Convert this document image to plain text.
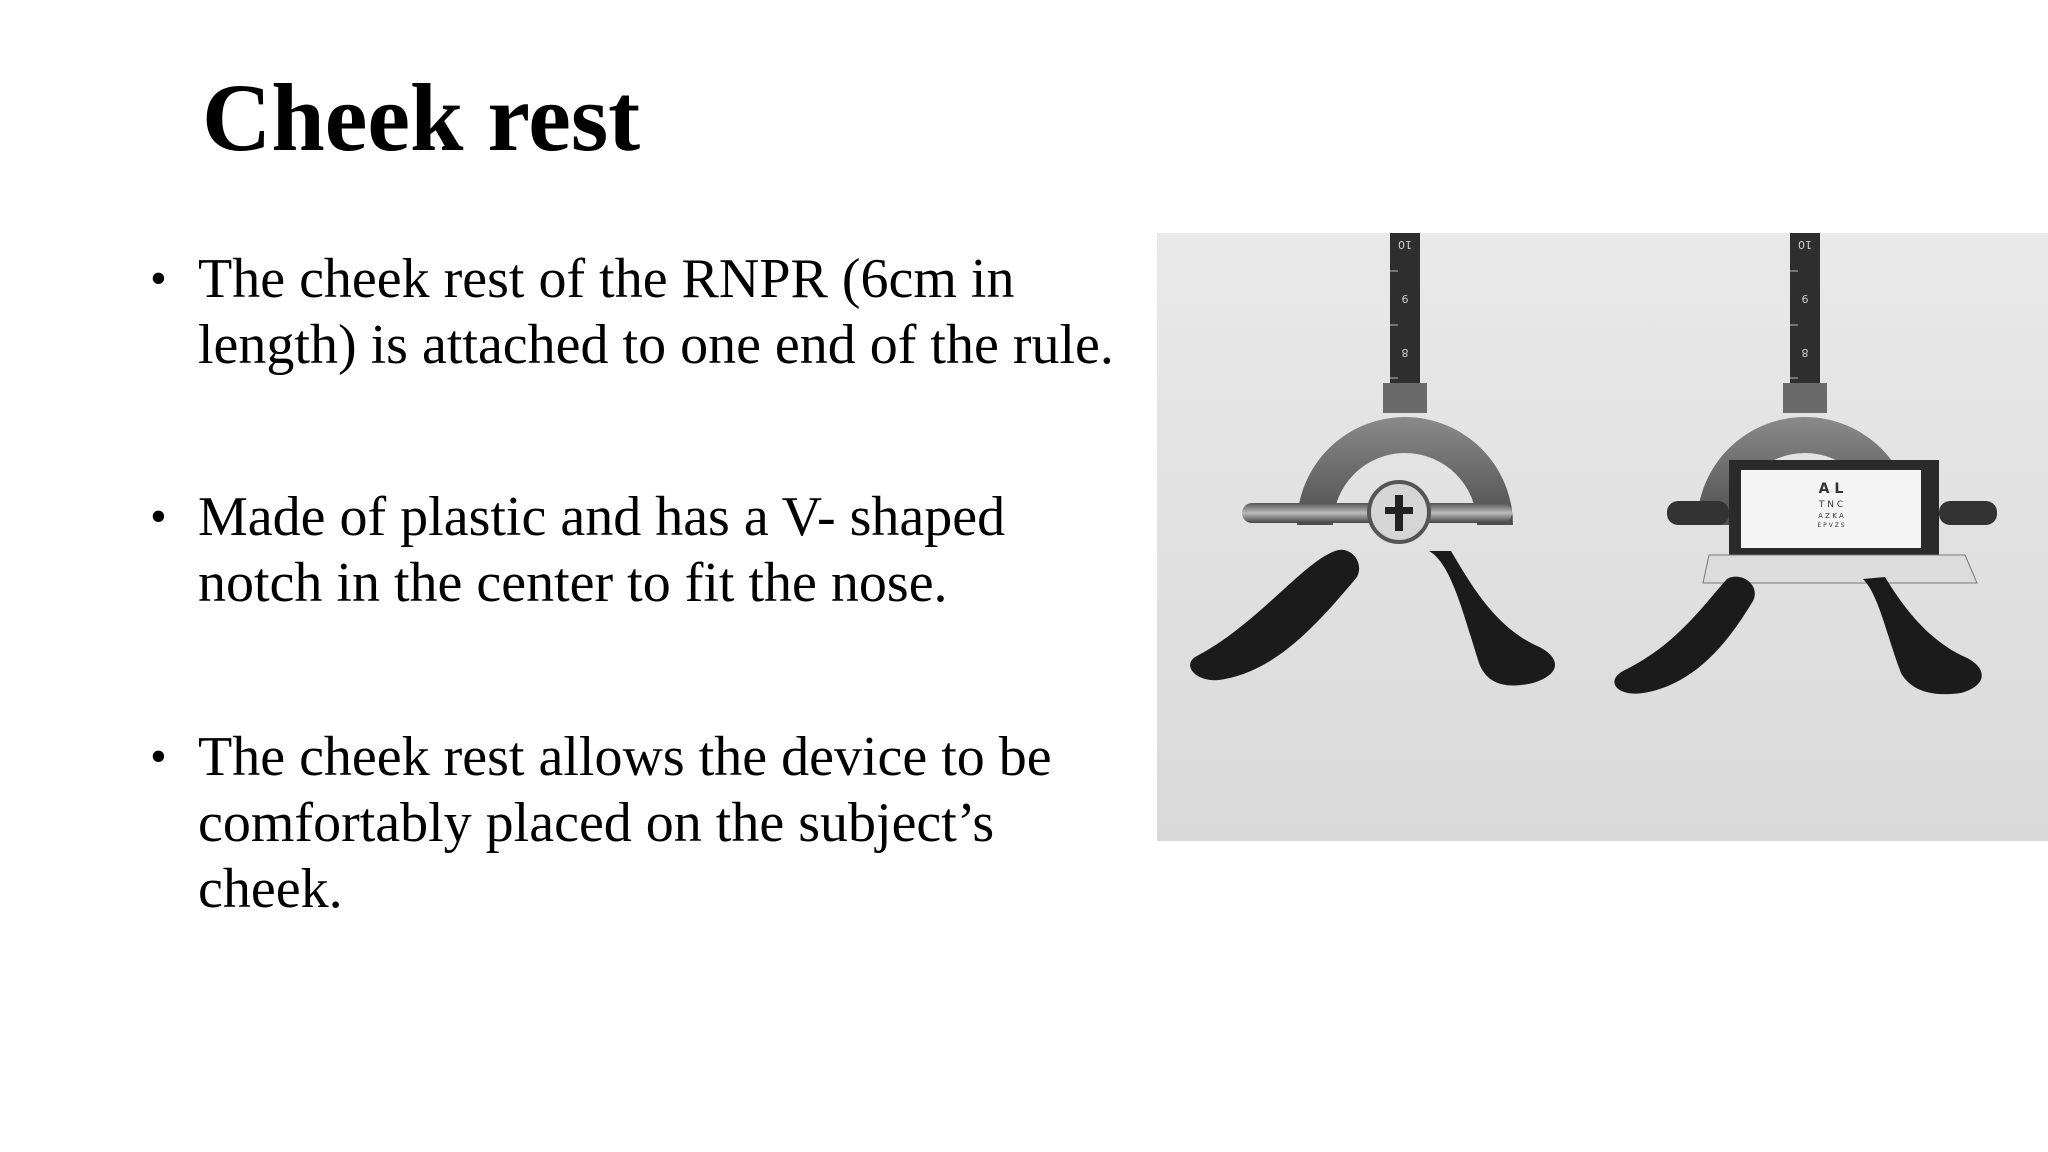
Cheek rest
• The cheek rest of the RNPR (6cm in length) is attached to one end of the rule.
• Made of plastic and has a V- shaped notch in the center to fit the nose.
• The cheek rest allows the device to be comfortably placed on the subject’s cheek.
10
9
8
10
9
8
A L
T N C
A Z K A
E P V Z S
